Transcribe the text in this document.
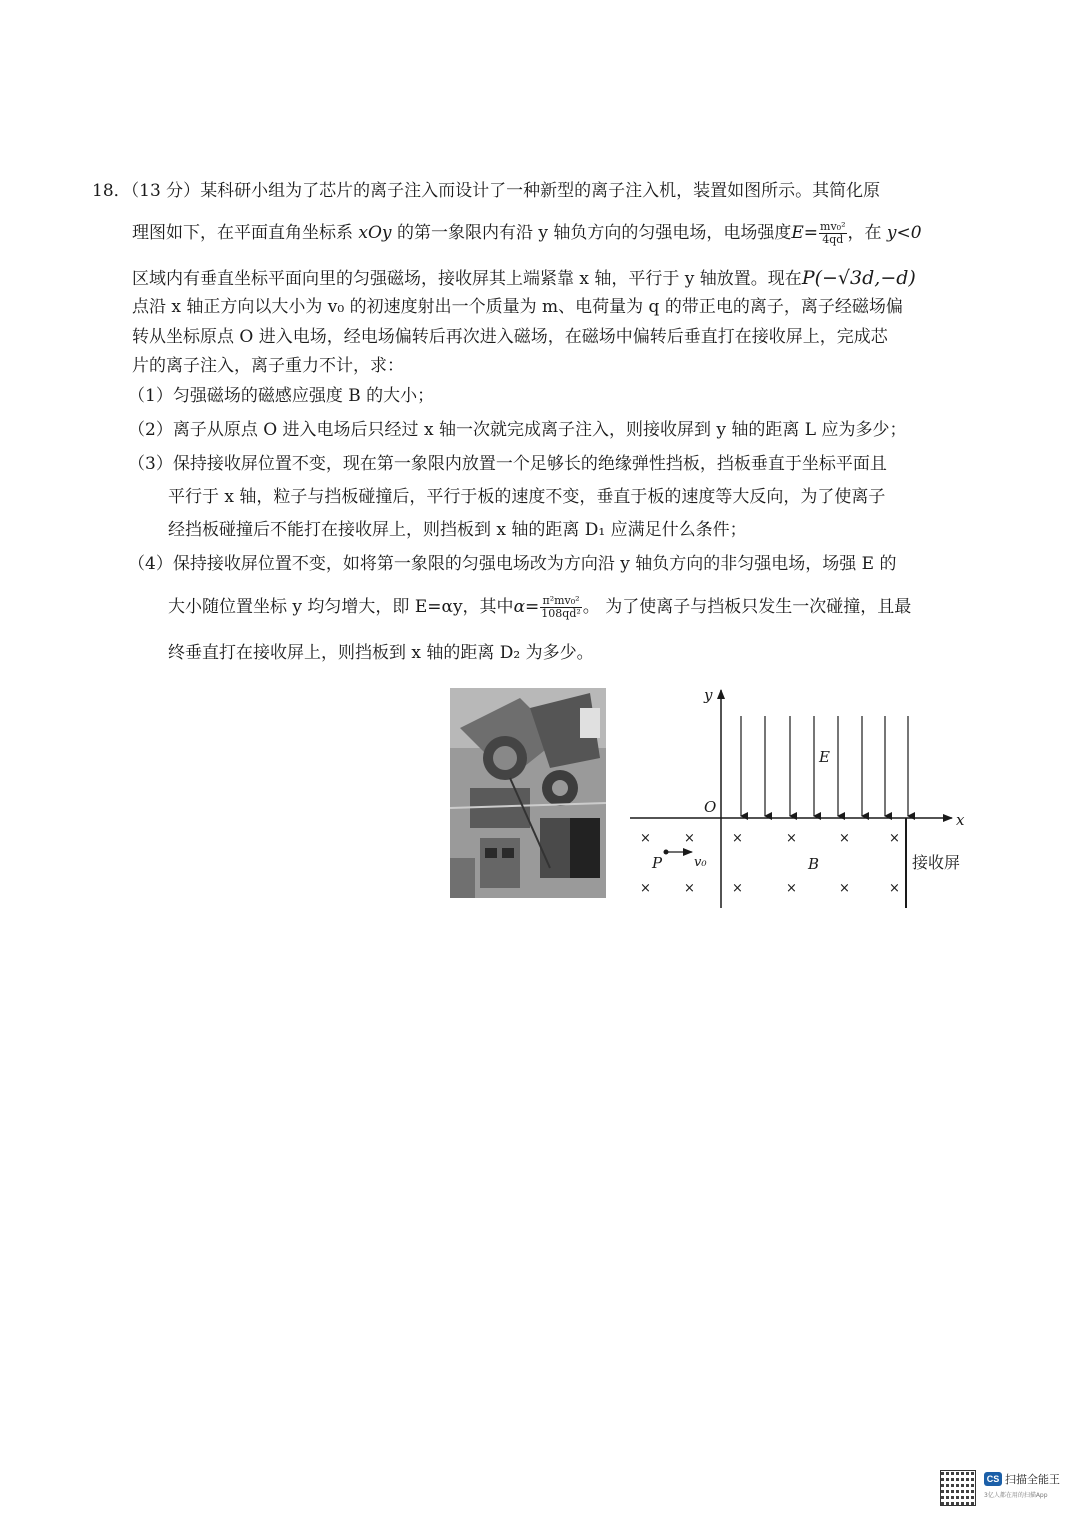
18．（13 分）某科研小组为了芯片的离子注入而设计了一种新型的离子注入机，装置如图所示。其简化原
理图如下，在平面直角坐标系 xOy 的第一象限内有沿 y 轴负方向的匀强电场，电场强度$E= \frac{\text{mv₀²}}{4qd}$ ，在 y<0
区域内有垂直坐标平面向里的匀强磁场，接收屏其上端紧靠 x 轴，平行于 y 轴放置。现在P(−√3d,−d)
点沿 x 轴正方向以大小为 v₀ 的初速度射出一个质量为 m、电荷量为 q 的带正电的离子，离子经磁场偏
转从坐标原点 O 进入电场，经电场偏转后再次进入磁场，在磁场中偏转后垂直打在接收屏上，完成芯
片的离子注入，离子重力不计，求：
（1）匀强磁场的磁感应强度 B 的大小；
（2）离子从原点 O 进入电场后只经过 x 轴一次就完成离子注入，则接收屏到 y 轴的距离 L 应为多少；
（3）保持接收屏位置不变，现在第一象限内放置一个足够长的绝缘弹性挡板，挡板垂直于坐标平面且
平行于 x 轴，粒子与挡板碰撞后，平行于板的速度不变，垂直于板的速度等大反向，为了使离子
经挡板碰撞后不能打在接收屏上，则挡板到 x 轴的距离 D₁ 应满足什么条件；
（4）保持接收屏位置不变，如将第一象限的匀强电场改为方向沿 y 轴负方向的非匀强电场，场强 E 的
大小随位置坐标 y 均匀增大，即 E=αy，其中$\alpha= \frac{\text{π²mv₀²}}{\text{108qd²}}$ 。 为了使离子与挡板只发生一次碰撞，且最
终垂直打在接收屏上，则挡板到 x 轴的距离 D₂ 为多少。
y
x
O
E
B
P v₀	接收屏
×	×	×	×	×	×
×	×	×	×	×	×
CS 扫描全能王
3亿人都在用的扫描App
